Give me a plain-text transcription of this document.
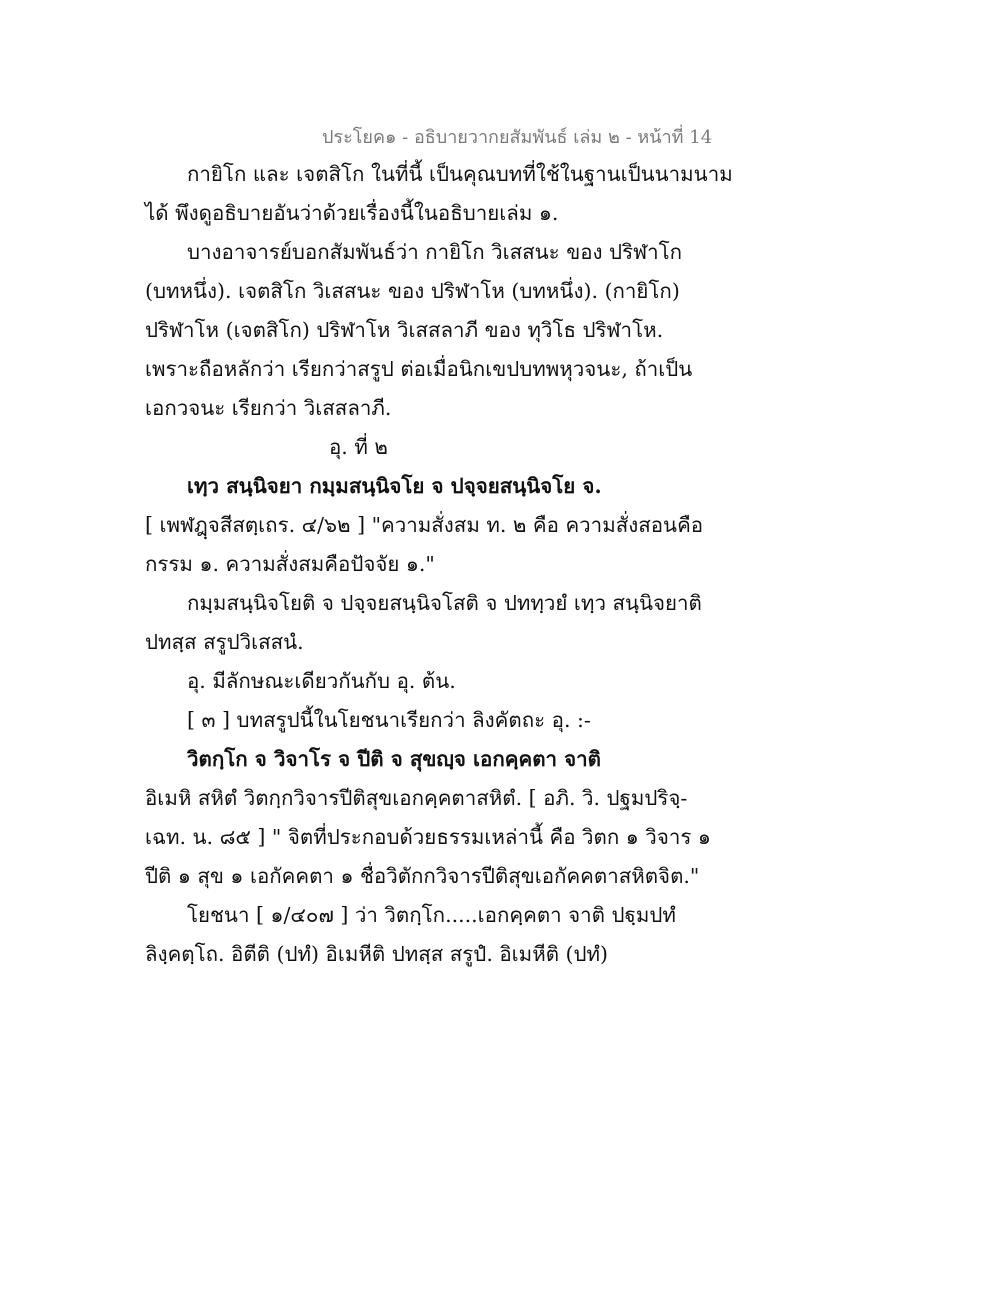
ประโยค๑ - อธิบายวากยสัมพันธ์ เล่ม ๒ - หน้าที่ 14
กายิโก และ เจตสิโก ในที่นี้ เป็นคุณบทที่ใช้ในฐานเป็นนามนาม
ได้ พึงดูอธิบายอันว่าด้วยเรื่องนี้ในอธิบายเล่ม ๑.
บางอาจารย์บอกสัมพันธ์ว่า กายิโก วิเสสนะ ของ ปริฬาโก
(บทหนึ่ง). เจตสิโก วิเสสนะ ของ ปริฬาโห (บทหนึ่ง). (กายิโก)
ปริฬาโห (เจตสิโก) ปริฬาโห วิเสสลาภี ของ ทุวิโธ ปริฬาโห.
เพราะถือหลักว่า เรียกว่าสรูป ต่อเมื่อนิกเขปบทพหุวจนะ, ถ้าเป็น
เอกวจนะ เรียกว่า วิเสสลาภี.
อุ. ที่ ๒
เทฺว สนฺนิจยา กมฺมสนฺนิจโย จ ปจฺจยสนฺนิจโย จ.
[ เพฬฎฺจสีสตฺเถร. ๔/๖๒ ] "ความสั่งสม ท. ๒ คือ ความสั่งสอนคือ
กรรม ๑. ความสั่งสมคือปัจจัย ๑."
กมฺมสนฺนิจโยติ จ ปจฺจยสนฺนิจโสติ จ ปททฺวยํ เทฺว สนฺนิจยาติ
ปทสฺส สรูปวิเสสนํ.
อุ. มีลักษณะเดียวกันกับ อุ. ต้น.
[ ๓ ] บทสรูปนี้ในโยชนาเรียกว่า ลิงคัตถะ อุ. :-
วิตกฺโก จ วิจาโร จ ปีติ จ สุขญฺจ เอกคฺคตา จาติ
อิเมหิ สหิตํ วิตกฺกวิจารปีติสุขเอกคฺคตาสหิตํ. [ อภิ. วิ. ปฐมปริจฺ-
เฉท. น. ๘๕ ] " จิตที่ประกอบด้วยธรรมเหล่านี้ คือ วิตก ๑ วิจาร ๑
ปีติ ๑ สุข ๑ เอกัคคตา ๑ ชื่อวิตักกวิจารปีติสุขเอกัคคตาสหิตจิต."
โยชนา [ ๑/๔๐๗ ] ว่า วิตกฺโก.....เอกคฺคตา จาติ ปฐฺมปทํ
ลิงฺคตฺโถ. อิตีติ (ปทํ) อิเมหีติ ปทสฺส สรูปํ. อิเมหีติ (ปทํ)
